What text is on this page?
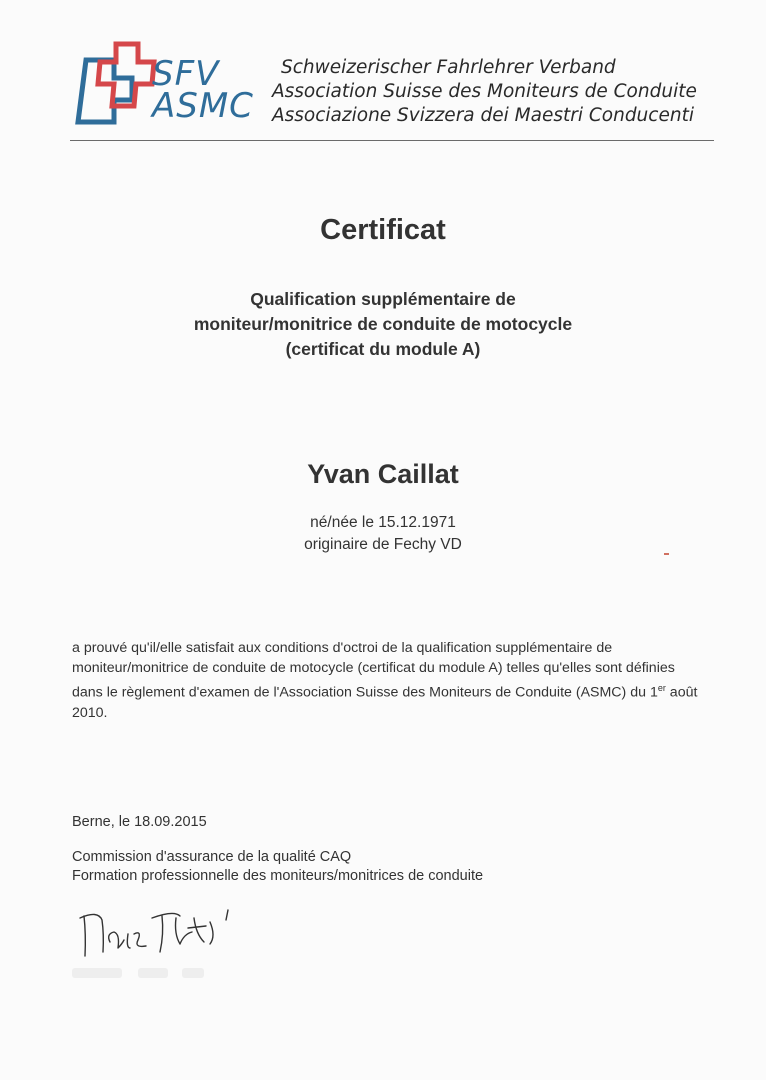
SFV
ASMC
Schweizerischer Fahrlehrer Verband
Association Suisse des Moniteurs de Conduite
Associazione Svizzera dei Maestri Conducenti
Certificat
Qualification supplémentaire de
moniteur/monitrice de conduite de motocycle
(certificat du module A)
Yvan Caillat
né/née le 15.12.1971
originaire de Fechy VD
a prouvé qu'il/elle satisfait aux conditions d'octroi de la qualification supplémentaire de moniteur/monitrice de conduite de motocycle (certificat du module A) telles qu'elles sont définies dans le règlement d'examen de l'Association Suisse des Moniteurs de Conduite (ASMC) du 1er août 2010.
Berne, le 18.09.2015
Commission d'assurance de la qualité CAQ
Formation professionnelle des moniteurs/monitrices de conduite
